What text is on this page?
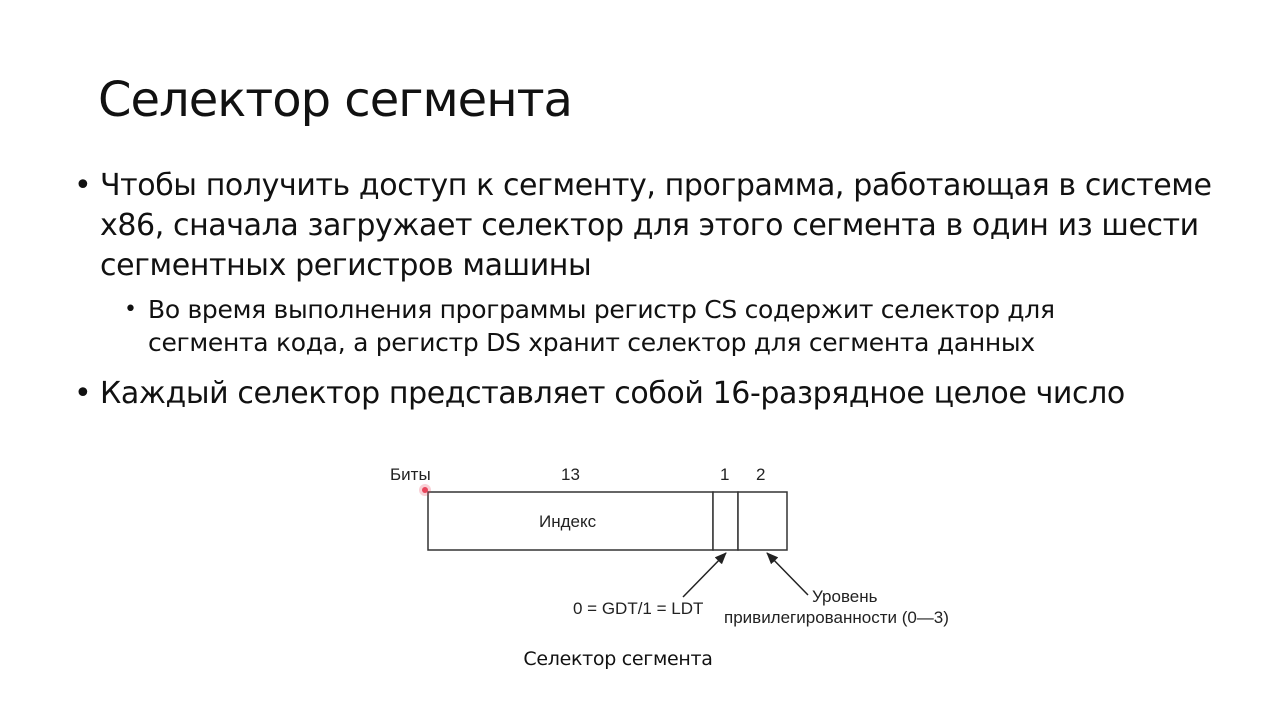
Селектор сегмента
• Чтобы получить доступ к сегменту, программа, работающая в системе x86, сначала загружает селектор для этого сегмента в один из шести сегментных регистров машины
• Во время выполнения программы регистр CS содержит селектор для сегмента кода, а регистр DS хранит селектор для сегмента данных
• Каждый селектор представляет собой 16-разрядное целое число
Биты	13	1 2
Индекс
0 = GDT/1 = LDT
Уровень
привилегированности (0—3)
Селектор сегмента
